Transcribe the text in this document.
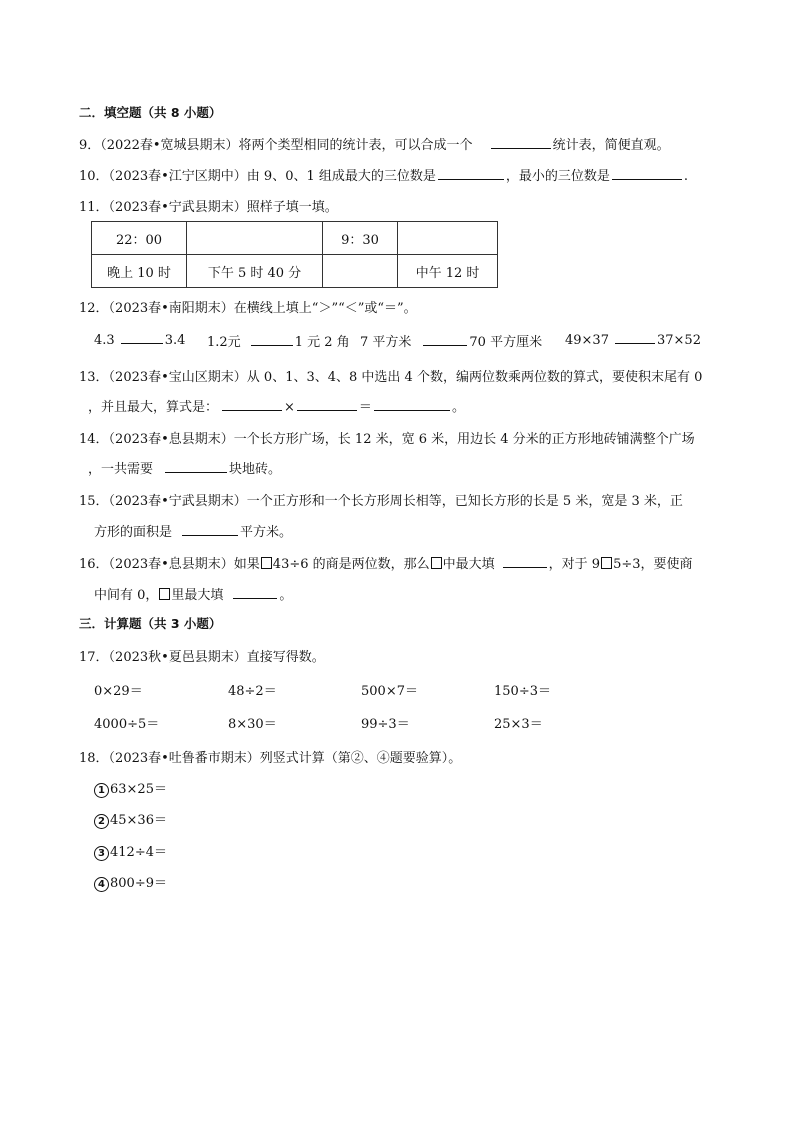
二．填空题（共 8 小题）
9．（2022春•宽城县期末）将两个类型相同的统计表，可以合成一个	统计表，简便直观。
10．（2023春•江宁区期中）由 9、0、1 组成最大的三位数是	，最小的三位数是	.
11．（2023春•宁武县期末）照样子填一填。
22：00		9：30	
晚上 10 时	下午 5 时 40 分		中午 12 时
12．（2023春•南阳期末）在横线上填上“＞”“＜”或“＝”。
4.3	3.4 1.2元	1 元 2 角 7 平方米	70 平方厘米 49×37	37×52
13．（2023春•宝山区期末）从 0、1、3、4、8 中选出 4 个数，编两位数乘两位数的算式，要使积末尾有 0
，并且最大，算式是：	×	＝	。
14．（2023春•息县期末）一个长方形广场，长 12 米，宽 6 米，用边长 4 分米的正方形地砖铺满整个广场
，一共需要	块地砖。
15．（2023春•宁武县期末）一个正方形和一个长方形周长相等，已知长方形的长是 5 米，宽是 3 米，正
方形的面积是	平方米。
16．（2023春•息县期末）如果 43÷6 的商是两位数，那么 中最大填	，对于 9 5÷3，要使商
中间有 0， 里最大填	。
三．计算题（共 3 小题）
17．（2023秋•夏邑县期末）直接写得数。
0×29＝	48÷2＝	500×7＝	150÷3＝
4000÷5＝	8×30＝	99÷3＝	25×3＝
18．（2023春•吐鲁番市期末）列竖式计算（第②、④题要验算）。
1 63×25＝
2 45×36＝
3 412÷4＝
4 800÷9＝
